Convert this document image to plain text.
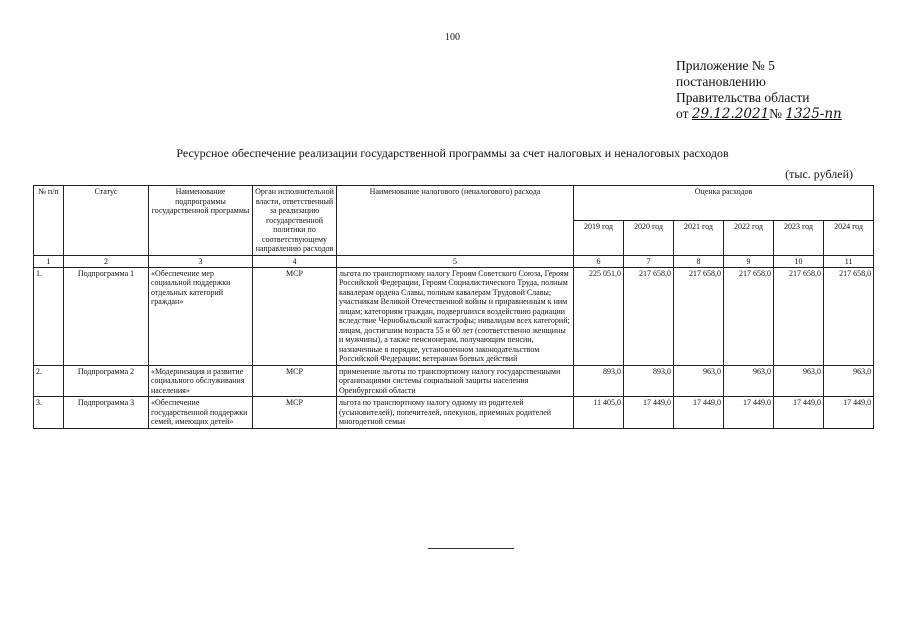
100
Приложение № 5
постановлению
Правительства области
от 29.12.2021№ 1325-пп
Ресурсное обеспечение реализации государственной программы за счет налоговых и неналоговых расходов
(тыс. рублей)
№ п/п	Статус	Наименование подпрограммы государственной программы	Орган исполнительной власти, ответственный за реализацию государственной политики по соответствующему направлению расходов	Наименование налогового (неналогового) расхода	Оценка расходов					
					2019 год	2020 год	2021 год	2022 год	2023 год	2024 год
1	2	3	4	5	6	7	8	9	10	11
1.	Подпрограмма 1	«Обеспечение мер социальной поддержки отдельных категорий граждан»	МСР	льгота по транспортному налогу Героям Советского Союза, Героям Российской Федерации, Героям Социалистического Труда, полным кавалерам ордена Славы, полным кавалерам Трудовой Славы; участникам Великой Отечественной войны и приравненным к ним лицам; категориям граждан, подвергшихся воздействию радиации вследствие Чернобыльской катастрофы; инвалидам всех категорий; лицам, достигшим возраста 55 и 60 лет (соответственно женщины и мужчины), а также пенсионерам, получающим пенсии, назначенные в порядке, установленном законодательством Российской Федерации; ветеранам боевых действий	225 051,0	217 658,0	217 658,0	217 658,0	217 658,0	217 658,0
2.	Подпрограмма 2	«Модернизация и развитие социального обслуживания населения»	МСР	применение льготы по транспортному налогу государственными организациями системы социальной защиты населения Оренбургской области	893,0	893,0	963,0	963,0	963,0	963,0
3.	Подпрограмма 3	«Обеспечение государственной поддержки семей, имеющих детей»	МСР	льгота по транспортному налогу одному из родителей (усыновителей), попечителей, опекунов, приемных родителей многодетной семьи	11 405,0	17 449,0	17 449,0	17 449,0	17 449,0	17 449,0
